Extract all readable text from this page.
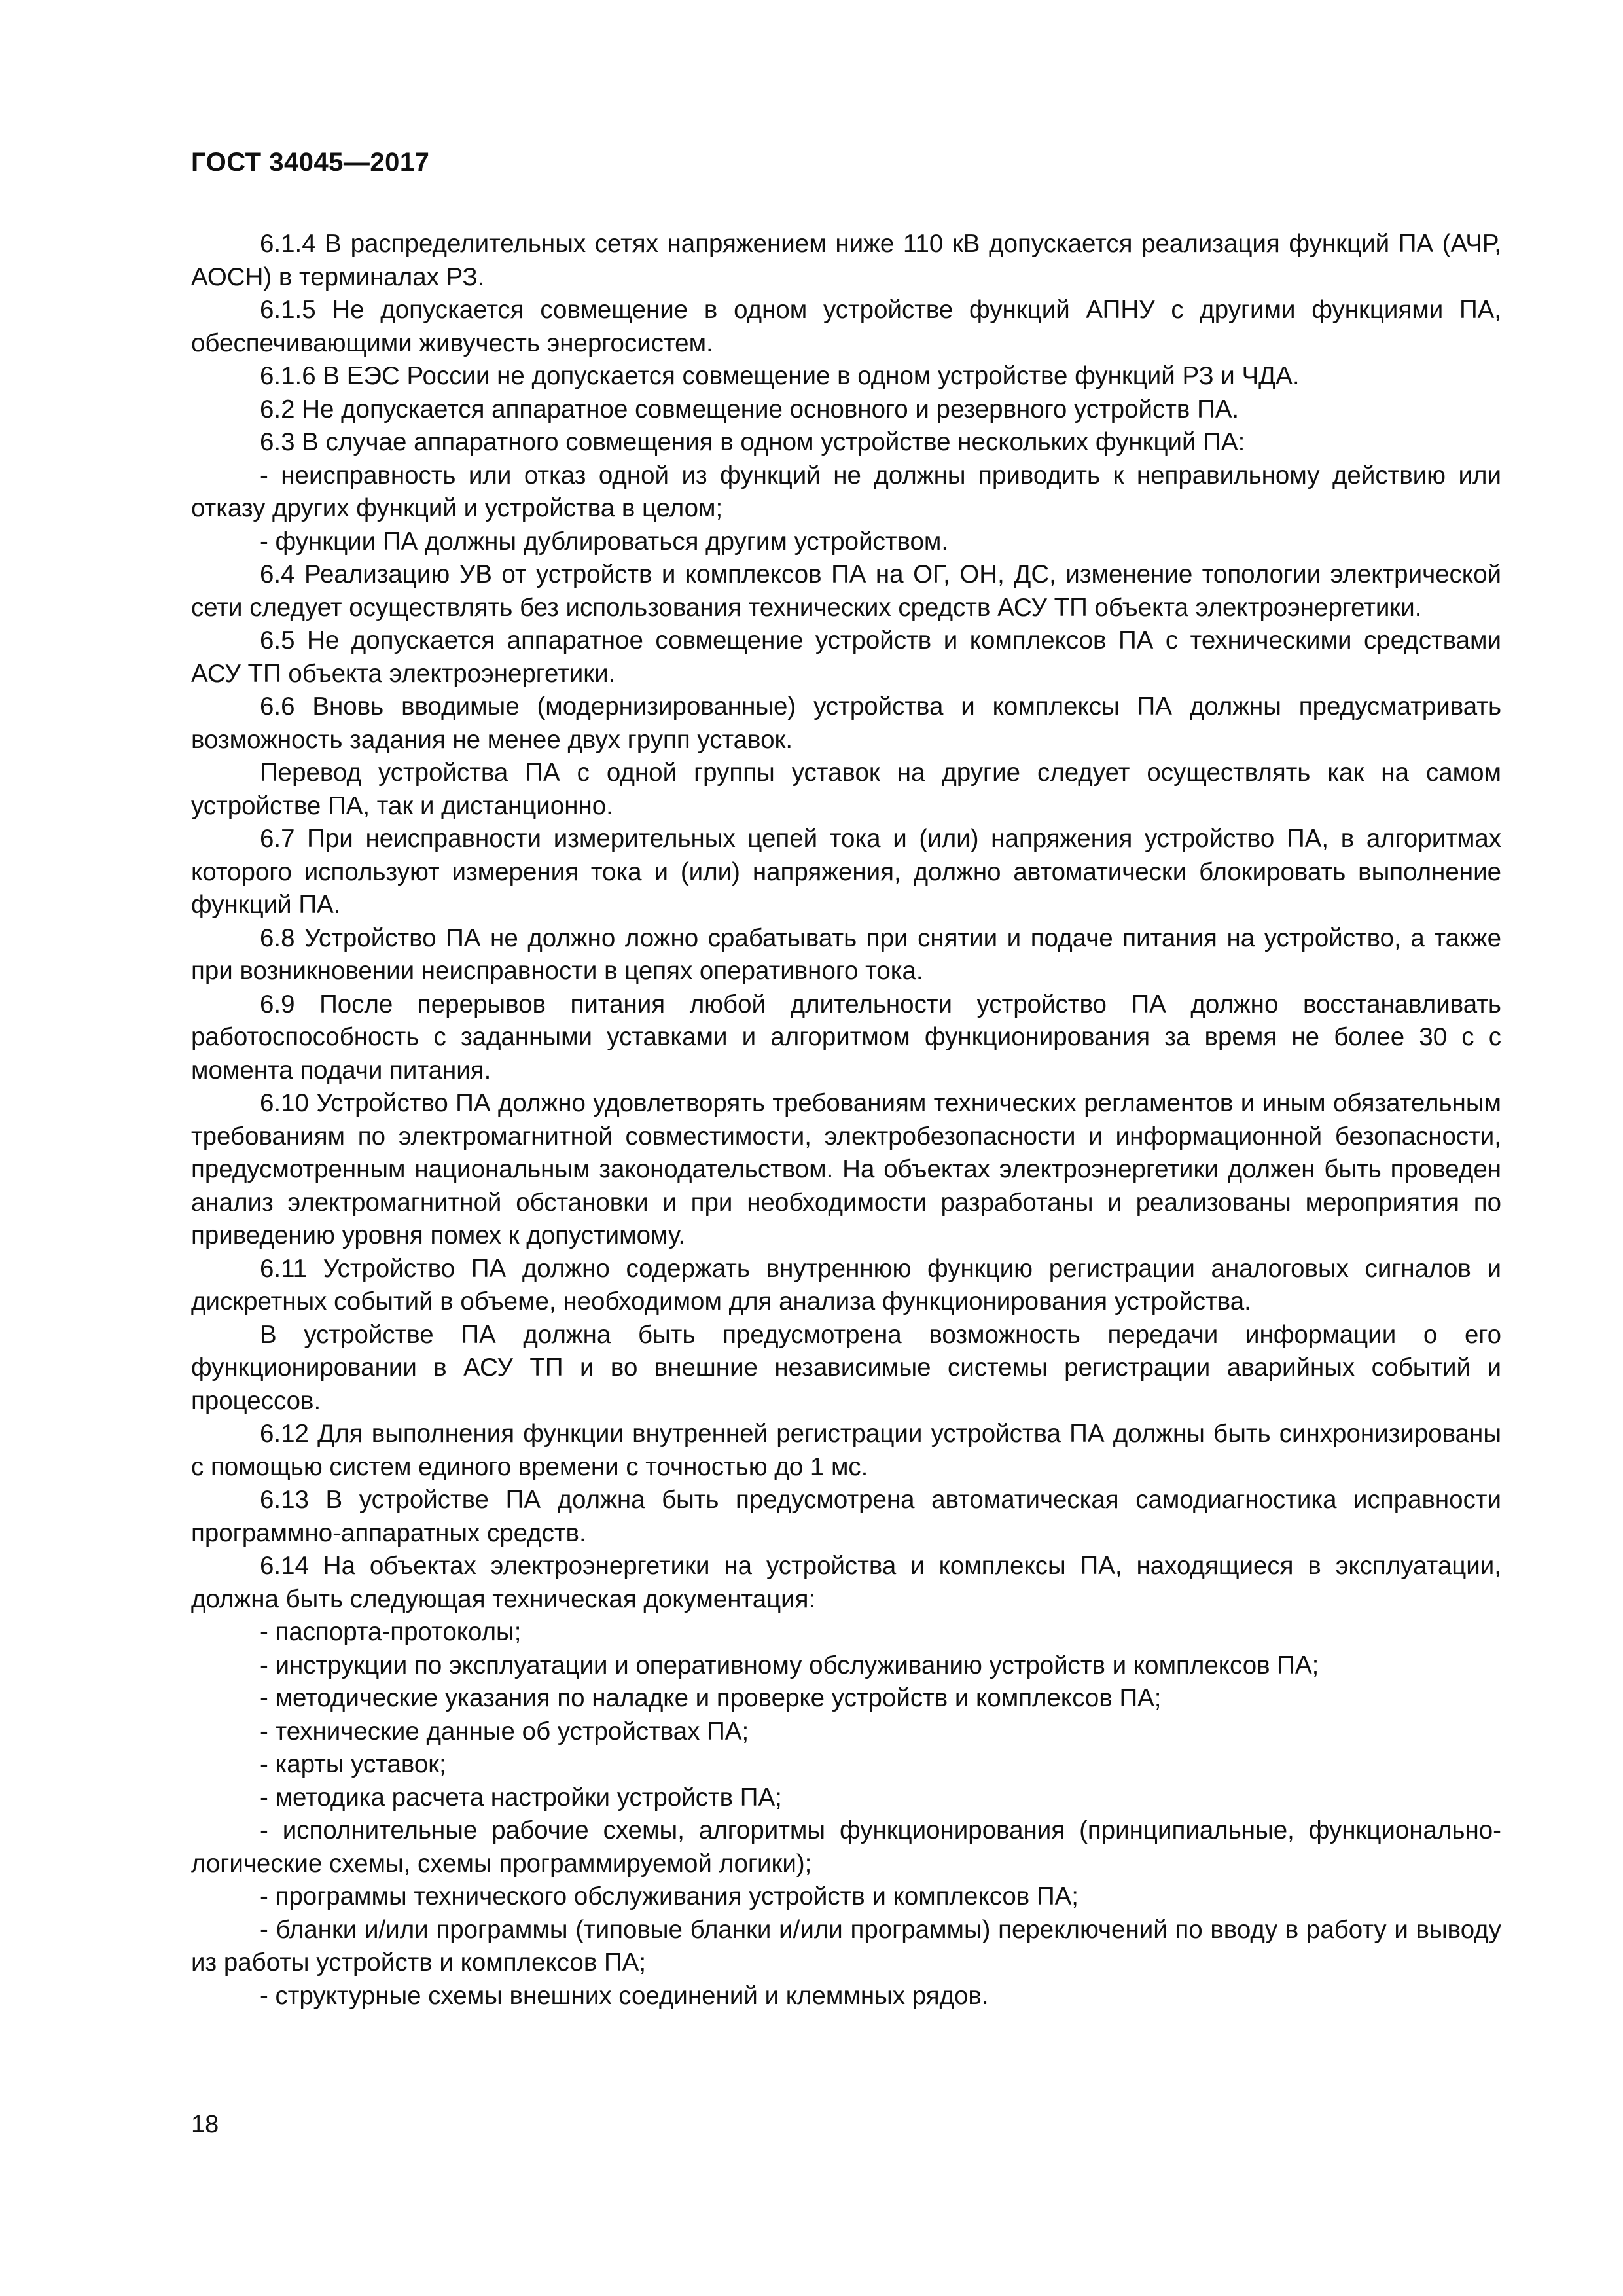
ГОСТ 34045—2017

6.1.4 В распределительных сетях напряжением ниже 110 кВ допускается реализация функций ПА (АЧР, АОСН) в терминалах РЗ.

6.1.5 Не допускается совмещение в одном устройстве функций АПНУ с другими функциями ПА, обеспечивающими живучесть энергосистем.

6.1.6 В ЕЭС России не допускается совмещение в одном устройстве функций РЗ и ЧДА.

6.2 Не допускается аппаратное совмещение основного и резервного устройств ПА.

6.3 В случае аппаратного совмещения в одном устройстве нескольких функций ПА:

- неисправность или отказ одной из функций не должны приводить к неправильному действию или отказу других функций и устройства в целом;

- функции ПА должны дублироваться другим устройством.

6.4 Реализацию УВ от устройств и комплексов ПА на ОГ, ОН, ДС, изменение топологии электрической сети следует осуществлять без использования технических средств АСУ ТП объекта электроэнергетики.

6.5 Не допускается аппаратное совмещение устройств и комплексов ПА с техническими средствами АСУ ТП объекта электроэнергетики.

6.6 Вновь вводимые (модернизированные) устройства и комплексы ПА должны предусматривать возможность задания не менее двух групп уставок.

Перевод устройства ПА с одной группы уставок на другие следует осуществлять как на самом устройстве ПА, так и дистанционно.

6.7 При неисправности измерительных цепей тока и (или) напряжения устройство ПА, в алгоритмах которого используют измерения тока и (или) напряжения, должно автоматически блокировать выполнение функций ПА.

6.8 Устройство ПА не должно ложно срабатывать при снятии и подаче питания на устройство, а также при возникновении неисправности в цепях оперативного тока.

6.9 После перерывов питания любой длительности устройство ПА должно восстанавливать работоспособность с заданными уставками и алгоритмом функционирования за время не более 30 с с момента подачи питания.

6.10 Устройство ПА должно удовлетворять требованиям технических регламентов и иным обязательным требованиям по электромагнитной совместимости, электробезопасности и информационной безопасности, предусмотренным национальным законодательством. На объектах электроэнергетики должен быть проведен анализ электромагнитной обстановки и при необходимости разработаны и реализованы мероприятия по приведению уровня помех к допустимому.

6.11 Устройство ПА должно содержать внутреннюю функцию регистрации аналоговых сигналов и дискретных событий в объеме, необходимом для анализа функционирования устройства.

В устройстве ПА должна быть предусмотрена возможность передачи информации о его функционировании в АСУ ТП и во внешние независимые системы регистрации аварийных событий и процессов.

6.12 Для выполнения функции внутренней регистрации устройства ПА должны быть синхронизированы с помощью систем единого времени с точностью до 1 мс.

6.13 В устройстве ПА должна быть предусмотрена автоматическая самодиагностика исправности программно-аппаратных средств.

6.14 На объектах электроэнергетики на устройства и комплексы ПА, находящиеся в эксплуатации, должна быть следующая техническая документация:

- паспорта-протоколы;

- инструкции по эксплуатации и оперативному обслуживанию устройств и комплексов ПА;

- методические указания по наладке и проверке устройств и комплексов ПА;

- технические данные об устройствах ПА;

- карты уставок;

- методика расчета настройки устройств ПА;

- исполнительные рабочие схемы, алгоритмы функционирования (принципиальные, функционально-логические схемы, схемы программируемой логики);

- программы технического обслуживания устройств и комплексов ПА;

- бланки и/или программы (типовые бланки и/или программы) переключений по вводу в работу и выводу из работы устройств и комплексов ПА;

- структурные схемы внешних соединений и клеммных рядов.

18
